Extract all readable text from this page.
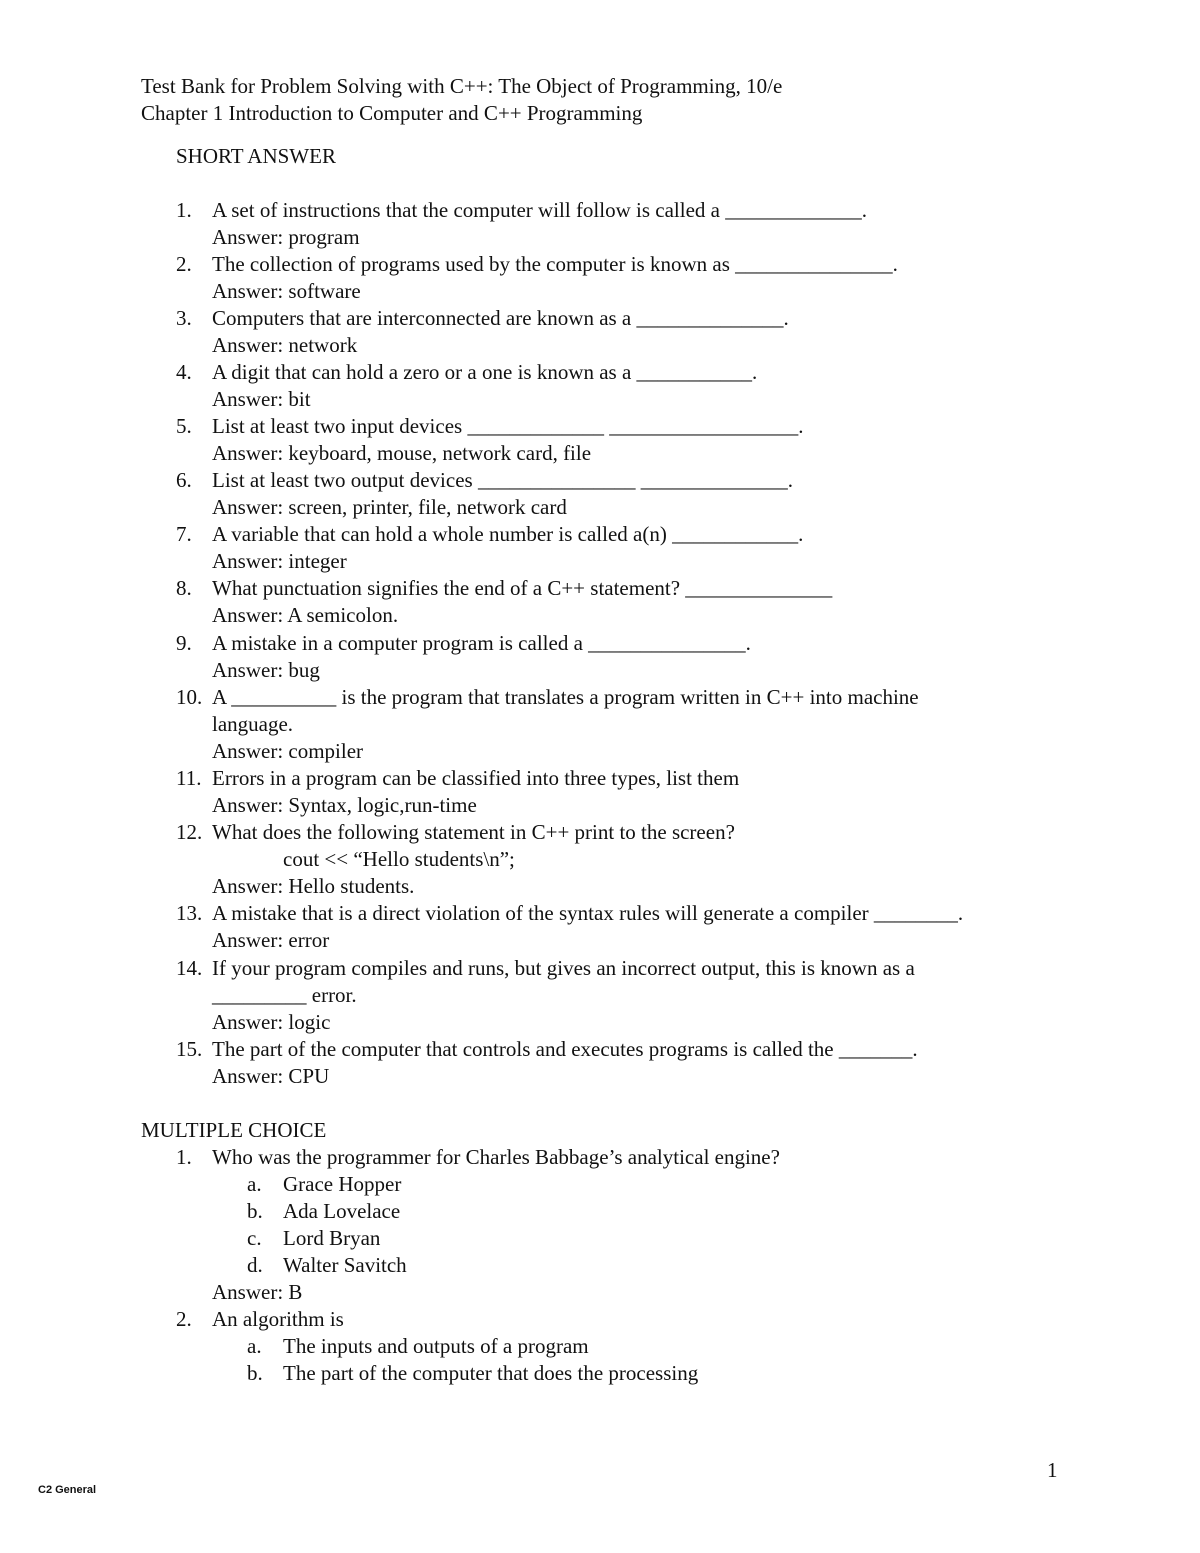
Test Bank for Problem Solving with C++: The Object of Programming, 10/e
Chapter 1 Introduction to Computer and C++ Programming
SHORT ANSWER
1. A set of instructions that the computer will follow is called a _____________.
Answer: program
2. The collection of programs used by the computer is known as _______________.
Answer: software
3. Computers that are interconnected are known as a ______________.
Answer: network
4. A digit that can hold a zero or a one is known as a ___________.
Answer: bit
5. List at least two input devices _____________ __________________.
Answer: keyboard, mouse, network card, file
6. List at least two output devices _______________ ______________.
Answer: screen, printer, file, network card
7. A variable that can hold a whole number is called a(n) ____________.
Answer: integer
8. What punctuation signifies the end of a C++ statement? ______________
Answer: A semicolon.
9. A mistake in a computer program is called a _______________.
Answer: bug
10. A __________ is the program that translates a program written in C++ into machine
language.
Answer: compiler
11. Errors in a program can be classified into three types, list them
Answer: Syntax, logic,run-time
12. What does the following statement in C++ print to the screen?
cout << “Hello students\n”;
Answer: Hello students.
13. A mistake that is a direct violation of the syntax rules will generate a compiler ________.
Answer: error
14. If your program compiles and runs, but gives an incorrect output, this is known as a
_________ error.
Answer: logic
15. The part of the computer that controls and executes programs is called the _______.
Answer: CPU
MULTIPLE CHOICE
1. Who was the programmer for Charles Babbage’s analytical engine?
a. Grace Hopper
b. Ada Lovelace
c. Lord Bryan
d. Walter Savitch
Answer: B
2. An algorithm is
a. The inputs and outputs of a program
b. The part of the computer that does the processing
1
C2 General
